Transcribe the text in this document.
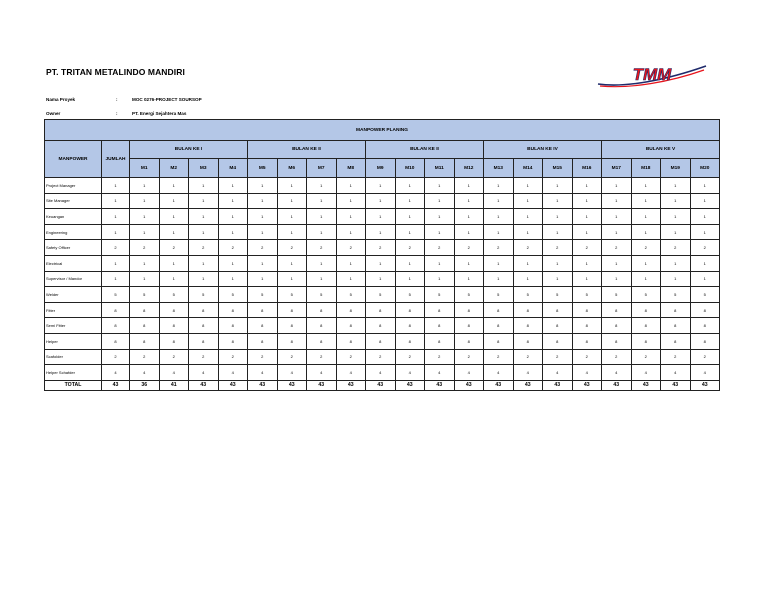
PT. TRITAN METALINDO MANDIRI	TMM
Nama Proyek	:	MOC 0276-PROJECT SOURSOP
Owner	:	PT. Energi Sejahtera Mas
MANPOWER PLANING																					
MANPOWER	JUMLAH	BULAN KE I				BULAN KE II				BULAN KE II				BULAN KE IV				BULAN KE V			
		M1	M2	M3	M4	M5	M6	M7	M8	M9	M10	M11	M12	M13	M14	M15	M16	M17	M18	M19	M20
Project Manager	1	1	1	1	1	1	1	1	1	1	1	1	1	1	1	1	1	1	1	1	1
Site Manager	1	1	1	1	1	1	1	1	1	1	1	1	1	1	1	1	1	1	1	1	1
Keuangan	1	1	1	1	1	1	1	1	1	1	1	1	1	1	1	1	1	1	1	1	1
Engineering	1	1	1	1	1	1	1	1	1	1	1	1	1	1	1	1	1	1	1	1	1
Safety Officer	2	2	2	2	2	2	2	2	2	2	2	2	2	2	2	2	2	2	2	2	2
Electrical	1	1	1	1	1	1	1	1	1	1	1	1	1	1	1	1	1	1	1	1	1
Supervisor / Mandor	1	1	1	1	1	1	1	1	1	1	1	1	1	1	1	1	1	1	1	1	1
Welder	5	5	5	5	5	5	5	5	5	5	5	5	5	5	5	5	5	5	5	5	5
Fitter	8	8	8	8	8	8	8	8	8	8	8	8	8	8	8	8	8	8	8	8	8
Semi Fitter	8	8	8	8	8	8	8	8	8	8	8	8	8	8	8	8	8	8	8	8	8
Helper	8	8	8	8	8	8	8	8	8	8	8	8	8	8	8	8	8	8	8	8	8
Scafolder	2	2	2	2	2	2	2	2	2	2	2	2	2	2	2	2	2	2	2	2	2
Helper Schafder	4	4	4	4	4	4	4	4	4	4	4	4	4	4	4	4	4	4	4	4	4
TOTAL	43	36	41	43	43	43	43	43	43	43	43	43	43	43	43	43	43	43	43	43	43
